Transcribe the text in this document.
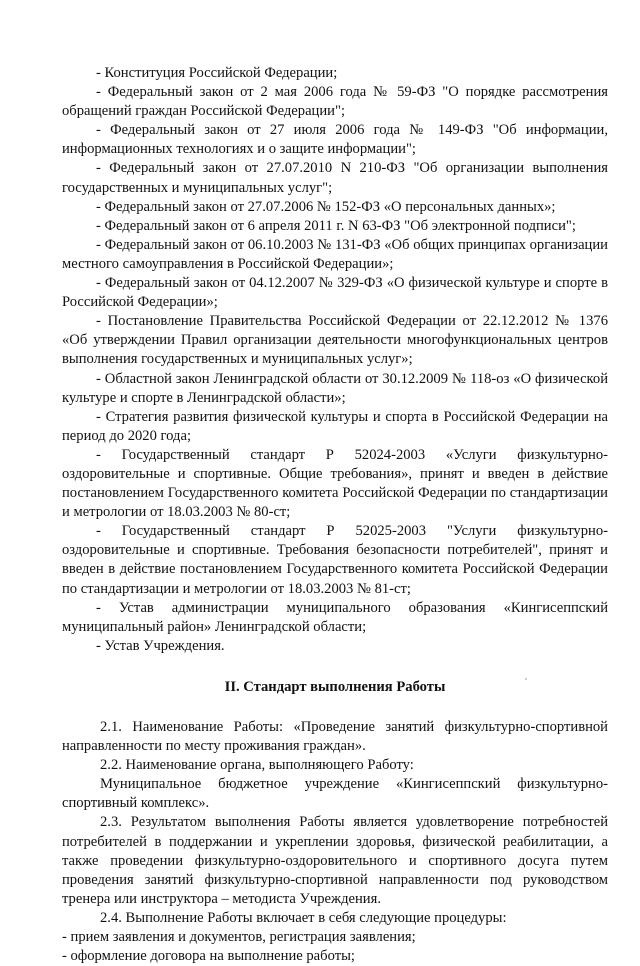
- Конституция Российской Федерации;

- Федеральный закон от 2 мая 2006 года № 59-ФЗ "О порядке рассмотрения обращений граждан Российской Федерации";

- Федеральный закон от 27 июля 2006 года № 149-ФЗ "Об информации, информационных технологиях и о защите информации";

- Федеральный закон от 27.07.2010 N 210-ФЗ "Об организации выполнения государственных и муниципальных услуг";

- Федеральный закон от 27.07.2006 № 152-ФЗ «О персональных данных»;

- Федеральный закон от 6 апреля 2011 г. N 63-ФЗ "Об электронной подписи";

- Федеральный закон от 06.10.2003 № 131-ФЗ «Об общих принципах организации местного самоуправления в Российской Федерации»;

- Федеральный закон от 04.12.2007 № 329-ФЗ «О физической культуре и спорте в Российской Федерации»;

- Постановление Правительства Российской Федерации от 22.12.2012 № 1376 «Об утверждении Правил организации деятельности многофункциональных центров выполнения государственных и муниципальных услуг»;

- Областной закон Ленинградской области от 30.12.2009 № 118-оз «О физической культуре и спорте в Ленинградской области»;

- Стратегия развития физической культуры и спорта в Российской Федерации на период до 2020 года;

- Государственный стандарт Р 52024-2003 «Услуги физкультурно-оздоровительные и спортивные. Общие требования», принят и введен в действие постановлением Государственного комитета Российской Федерации по стандартизации и метрологии от 18.03.2003 № 80-ст;

- Государственный стандарт Р 52025-2003 "Услуги физкультурно-оздоровительные и спортивные. Требования безопасности потребителей", принят и введен в действие постановлением Государственного комитета Российской Федерации по стандартизации и метрологии от 18.03.2003 № 81-ст;

- Устав администрации муниципального образования «Кингисеппский муниципальный район» Ленинградской области;

- Устав Учреждения.

II. Стандарт выполнения Работы

2.1. Наименование Работы: «Проведение занятий физкультурно-спортивной направленности по месту проживания граждан».

2.2. Наименование органа, выполняющего Работу:

Муниципальное бюджетное учреждение «Кингисеппский физкультурно-спортивный комплекс».

2.3. Результатом выполнения Работы является удовлетворение потребностей потребителей в поддержании и укреплении здоровья, физической реабилитации, а также проведении физкультурно-оздоровительного и спортивного досуга путем проведения занятий физкультурно-спортивной направленности под руководством тренера или инструктора – методиста Учреждения.

2.4. Выполнение Работы включает в себя следующие процедуры:

- прием заявления и документов, регистрация заявления;

- оформление договора на выполнение работы;
